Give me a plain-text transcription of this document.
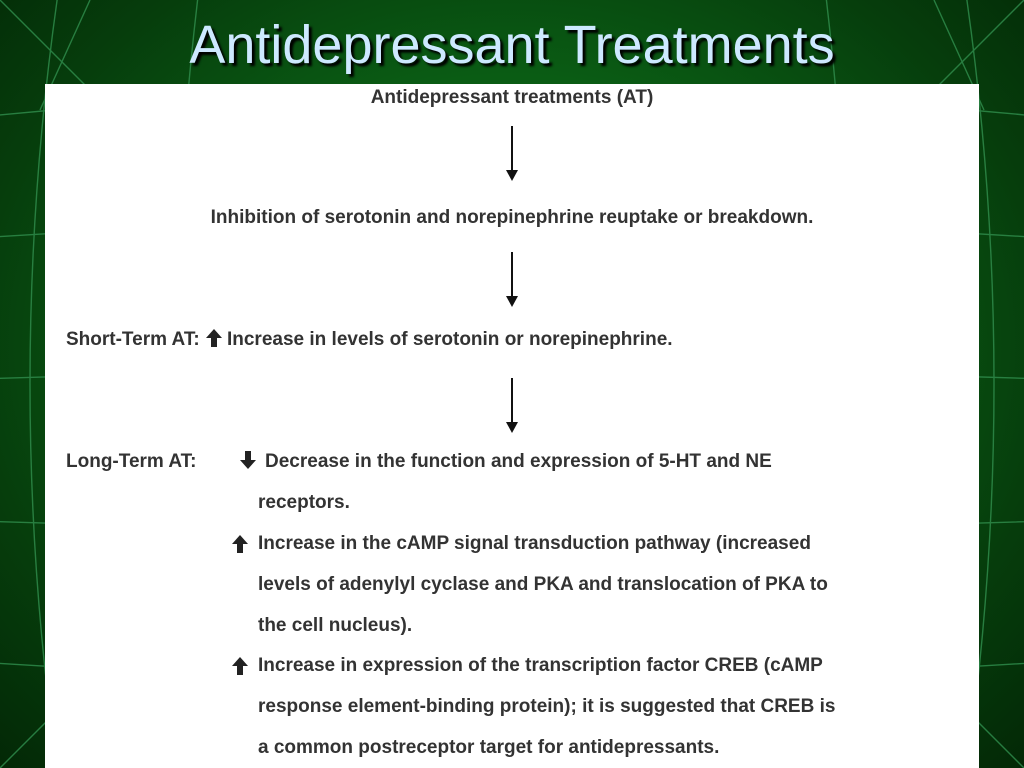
Antidepressant Treatments
Antidepressant treatments (AT)
Inhibition of serotonin and norepinephrine reuptake or breakdown.
Short-Term AT: Increase in levels of serotonin or norepinephrine.
Long-Term AT:	Decrease in the function and expression of 5-HT and NE
receptors.
Increase in the cAMP signal transduction pathway (increased
levels of adenylyl cyclase and PKA and translocation of PKA to
the cell nucleus).
Increase in expression of the transcription factor CREB (cAMP
response element-binding protein); it is suggested that CREB is
a common postreceptor target for antidepressants.
